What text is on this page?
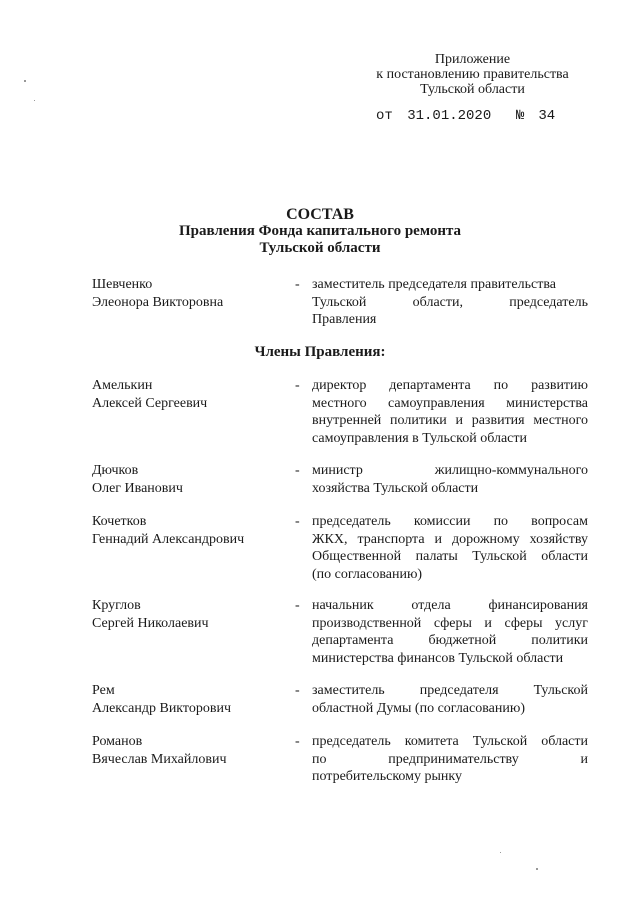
Приложение
к постановлению правительства
Тульской области
от 31.01.2020 № 34
СОСТАВ
Правления Фонда капитального ремонта
Тульской области
Шевченко
Элеонора Викторовна
- заместитель председателя правительства
Тульской области, председатель
Правления
Члены Правления:
Амелькин
Алексей Сергеевич
- директор департамента по развитию
местного самоуправления министерства
внутренней политики и развития местного
самоуправления в Тульской области
Дючков
Олег Иванович
- министр жилищно-коммунального
хозяйства Тульской области
Кочетков
Геннадий Александрович
- председатель комиссии по вопросам
ЖКХ, транспорта и дорожному хозяйству
Общественной палаты Тульской области
(по согласованию)
Круглов
Сергей Николаевич
- начальник отдела финансирования
производственной сферы и сферы услуг
департамента бюджетной политики
министерства финансов Тульской области
Рем
Александр Викторович
- заместитель председателя Тульской
областной Думы (по согласованию)
Романов
Вячеслав Михайлович
- председатель комитета Тульской области
по предпринимательству и
потребительскому рынку
